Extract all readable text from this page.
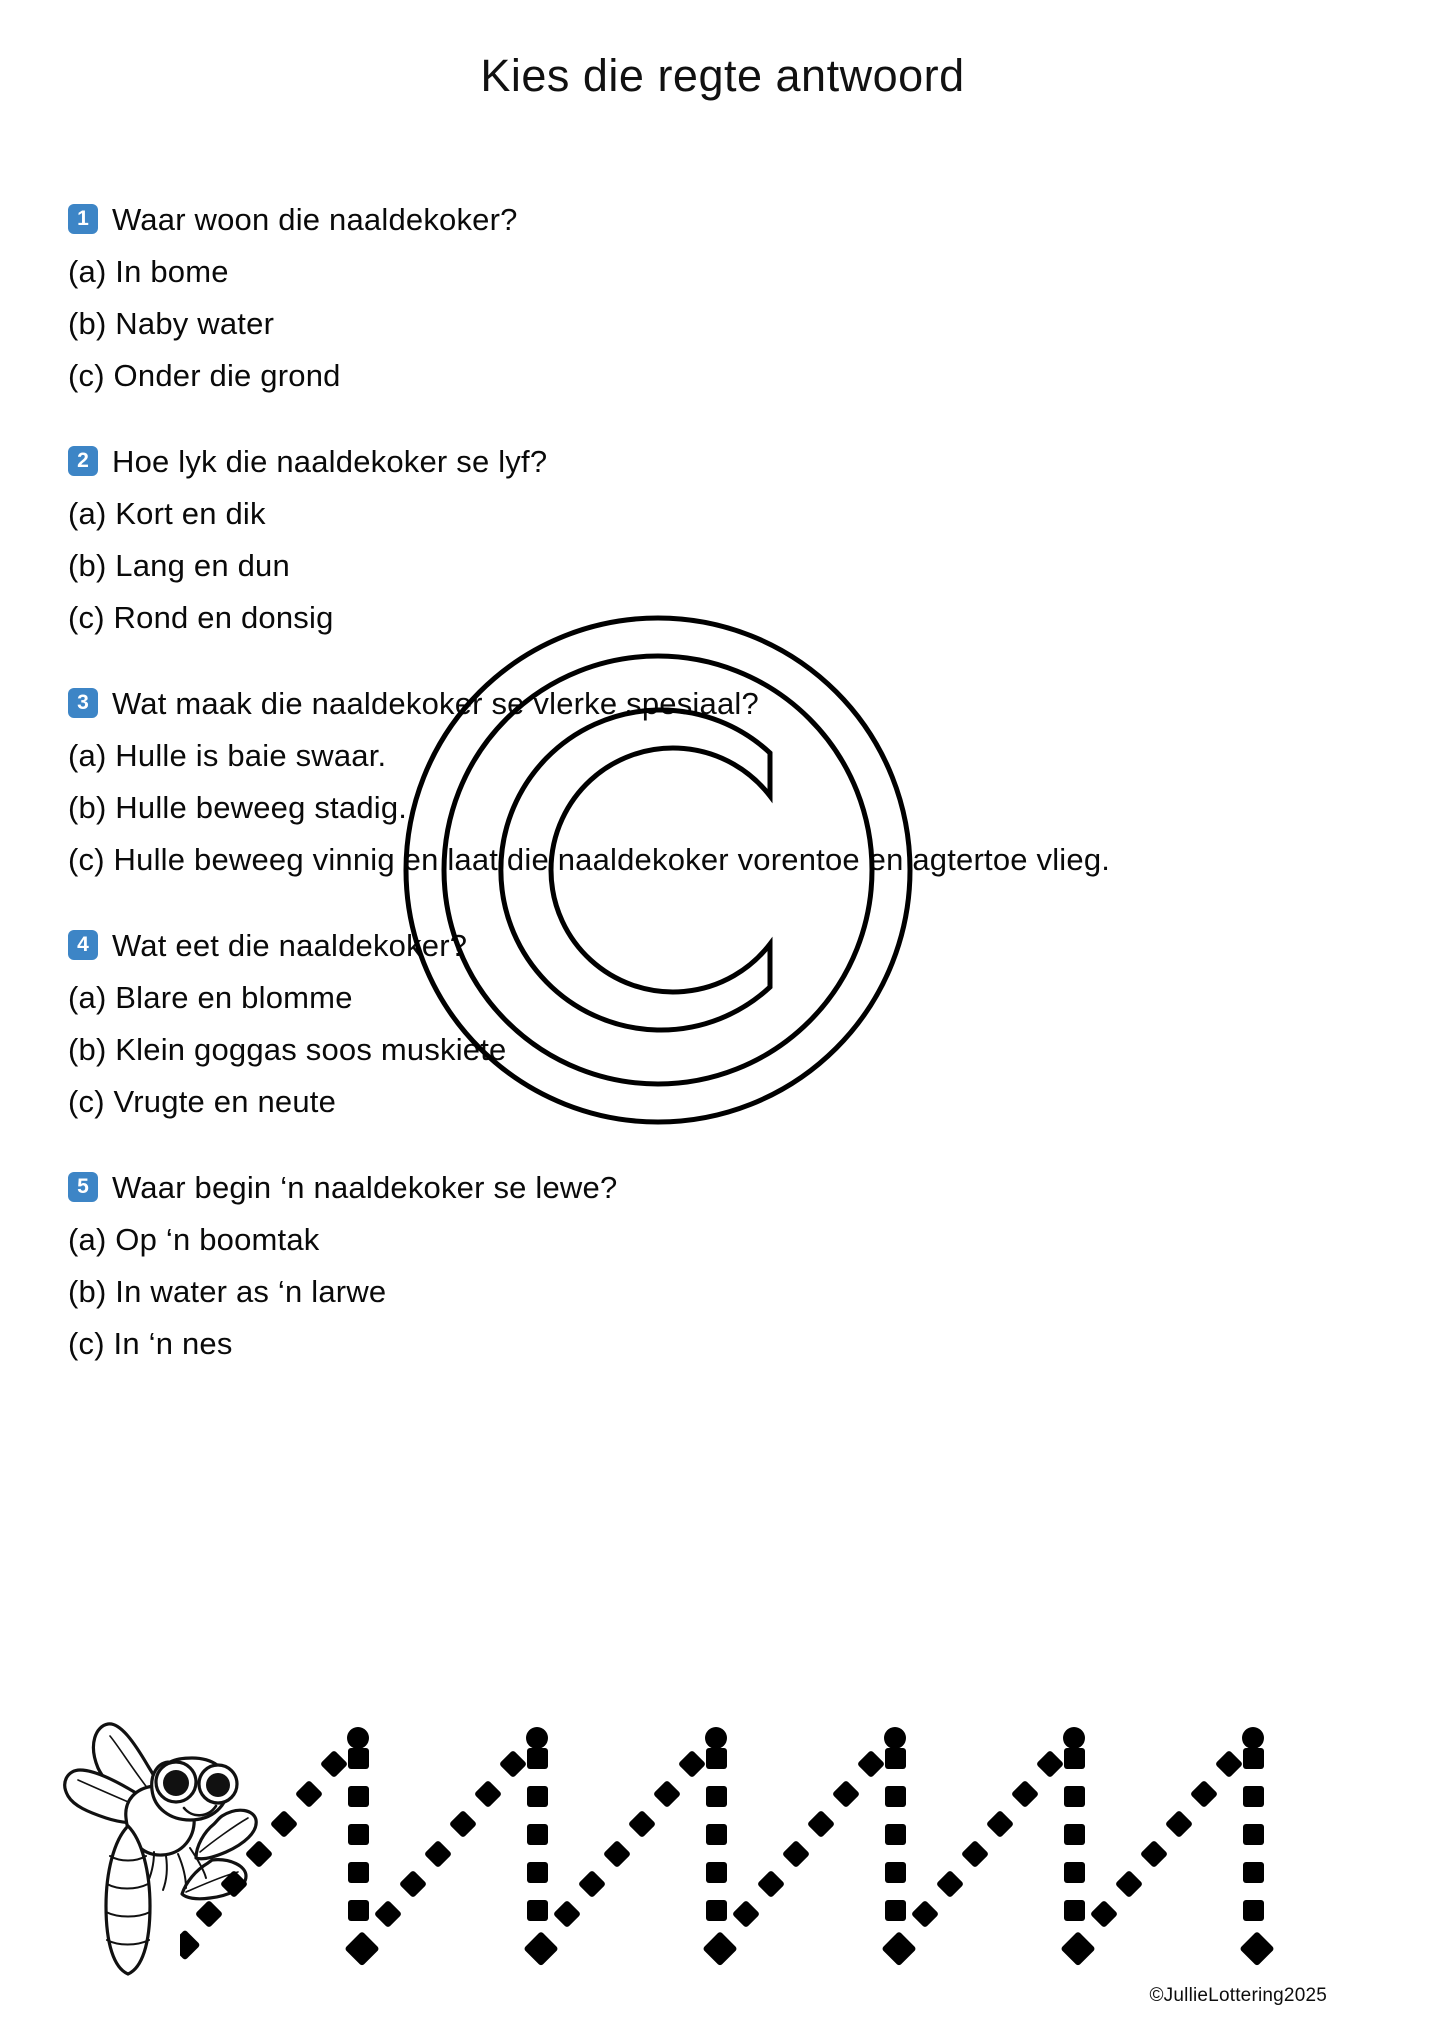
Kies die regte antwoord
1 Waar woon die naaldekoker?
(a) In bome
(b) Naby water
(c) Onder die grond
2 Hoe lyk die naaldekoker se lyf?
(a) Kort en dik
(b) Lang en dun
(c) Rond en donsig
3 Wat maak die naaldekoker se vlerke spesiaal?
(a) Hulle is baie swaar.
(b) Hulle beweeg stadig.
(c) Hulle beweeg vinnig en laat die naaldekoker vorentoe en agtertoe vlieg.
4 Wat eet die naaldekoker?
(a) Blare en blomme
(b) Klein goggas soos muskiete
(c) Vrugte en neute
5 Waar begin ‘n naaldekoker se lewe?
(a) Op ‘n boomtak
(b) In water as ‘n larwe
(c) In ‘n nes
©JullieLottering2025
